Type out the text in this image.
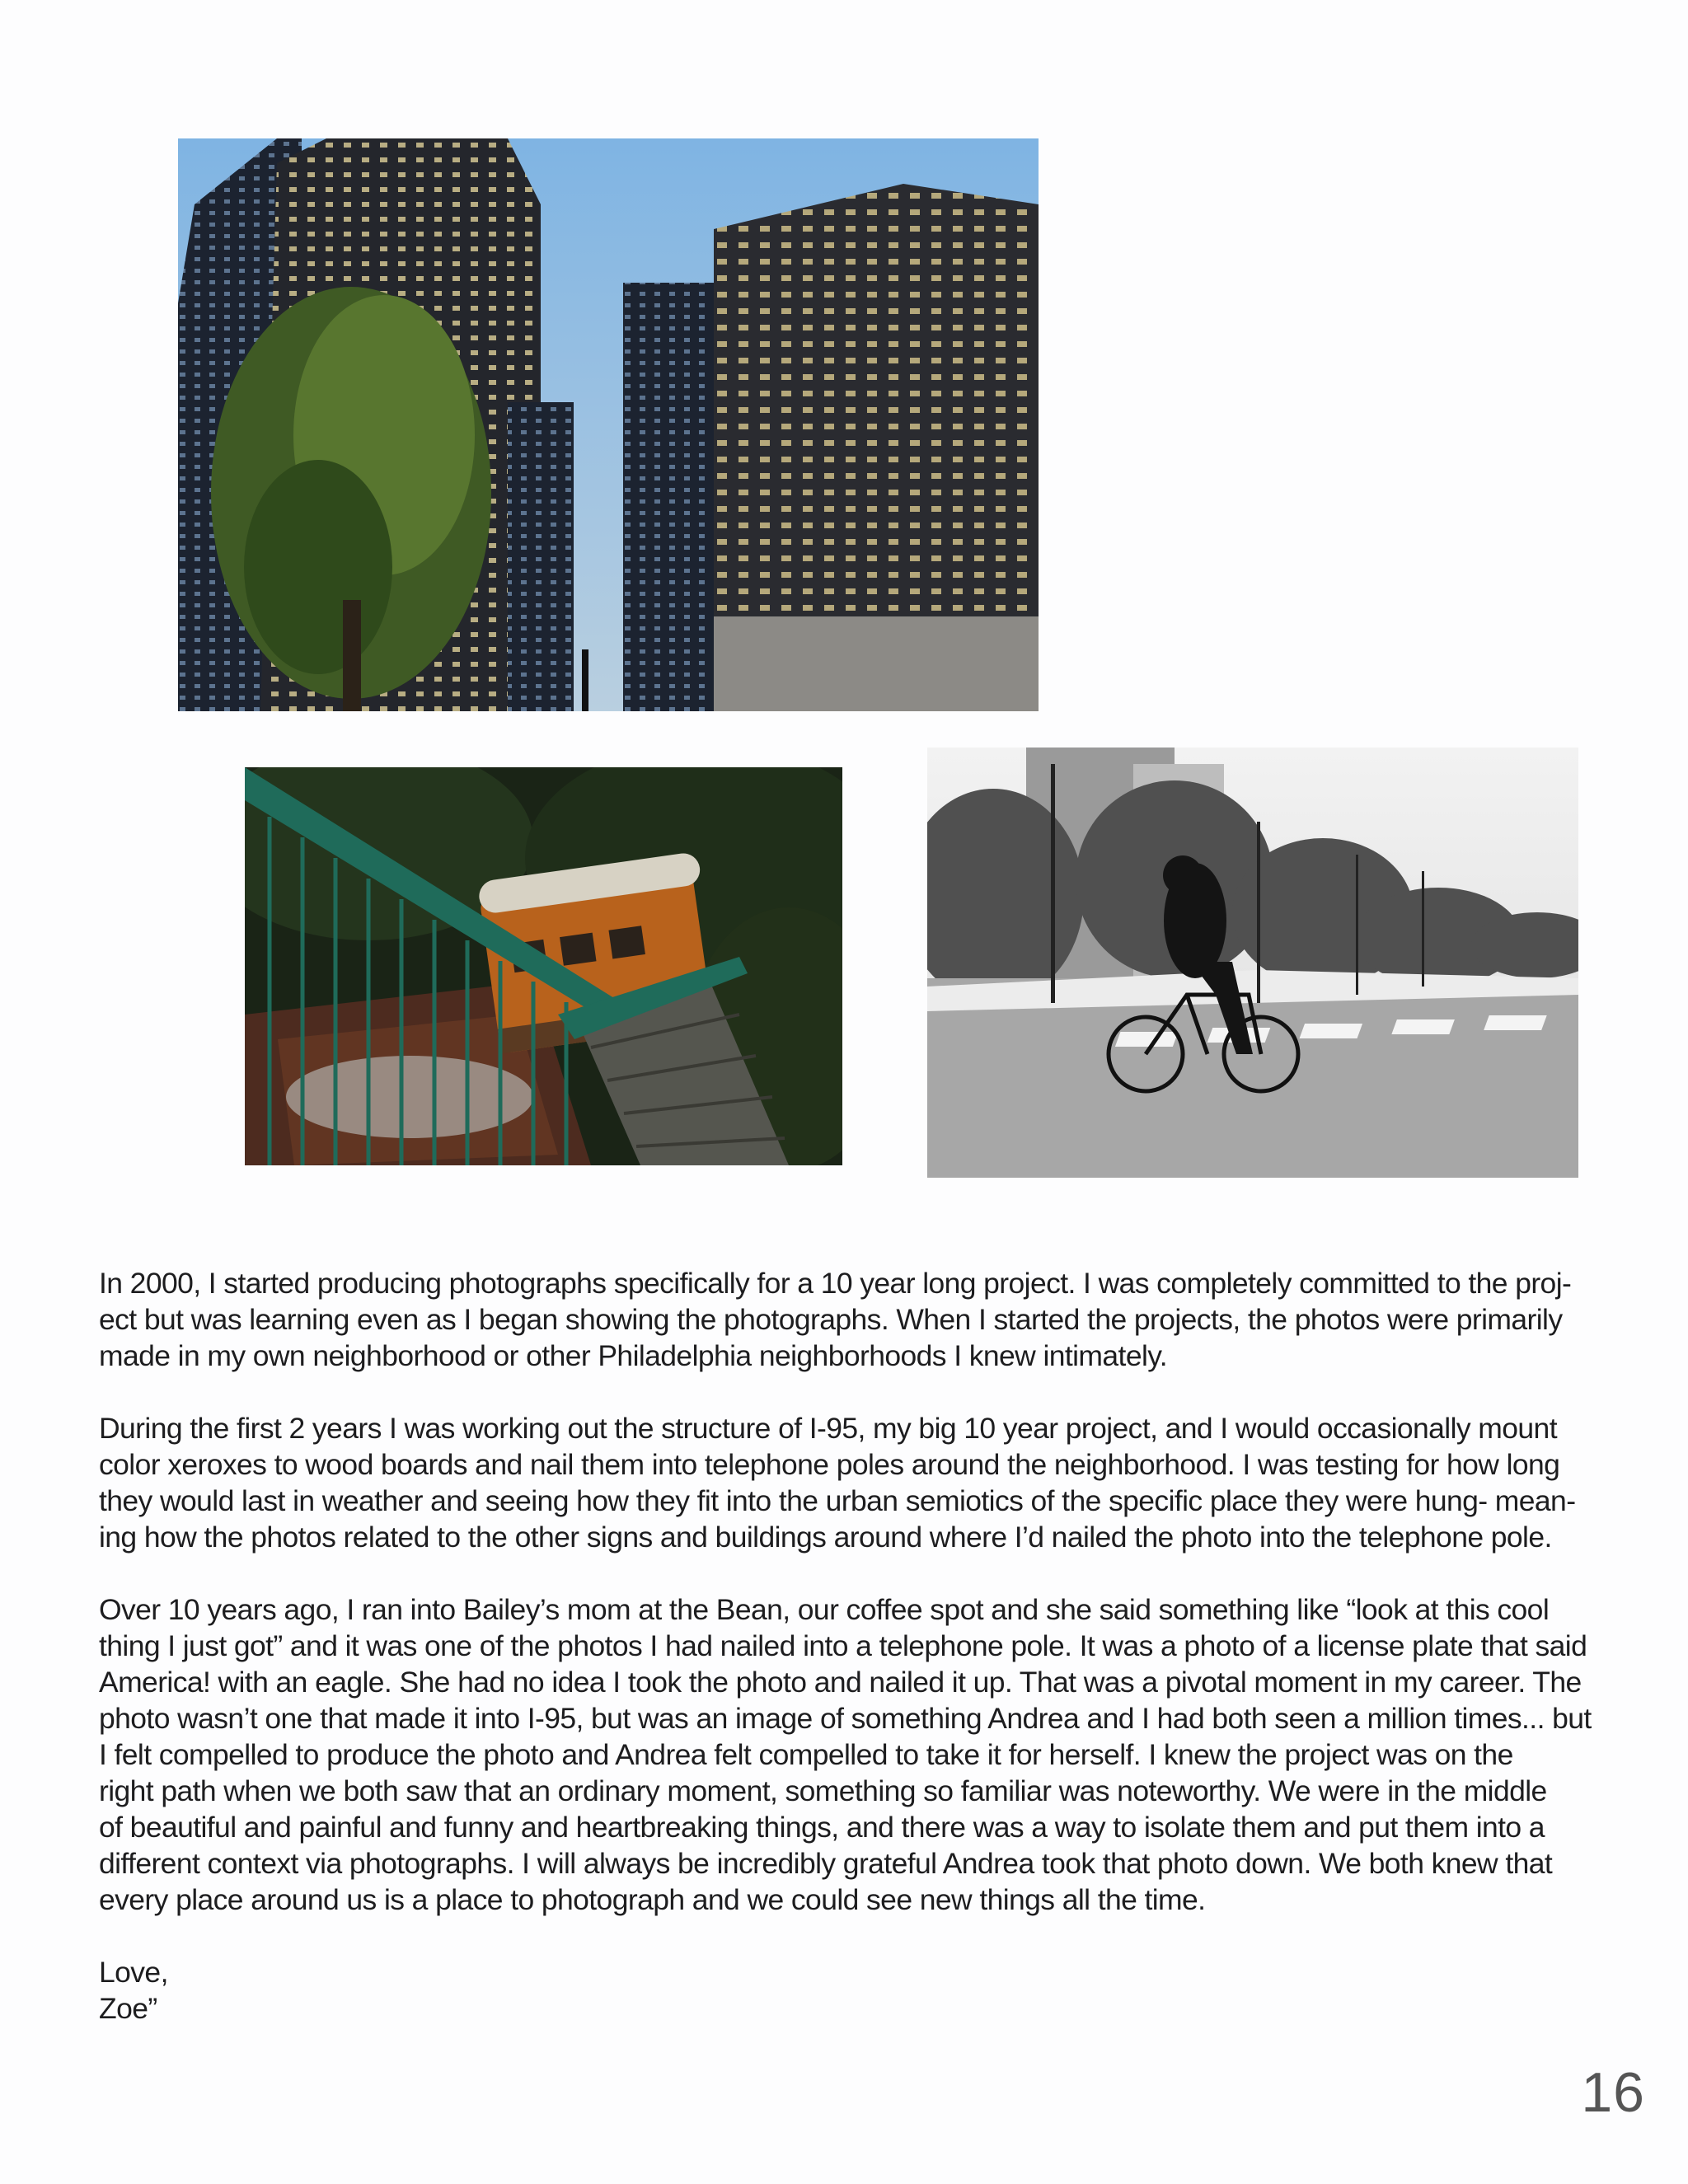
In 2000, I started producing photographs specifically for a 10 year long project. I was completely committed to the proj-
ect but was learning even as I began showing the photographs. When I started the projects, the photos were primarily
made in my own neighborhood or other Philadelphia neighborhoods I knew intimately.

During the first 2 years I was working out the structure of I-95, my big 10 year project, and I would occasionally mount
color xeroxes to wood boards and nail them into telephone poles around the neighborhood. I was testing for how long
they would last in weather and seeing how they fit into the urban semiotics of the specific place they were hung- mean-
ing how the photos related to the other signs and buildings around where I’d nailed the photo into the telephone pole.

Over 10 years ago, I ran into Bailey’s mom at the Bean, our coffee spot and she said something like “look at this cool
thing I just got” and it was one of the photos I had nailed into a telephone pole. It was a photo of a license plate that said
America! with an eagle. She had no idea I took the photo and nailed it up. That was a pivotal moment in my career. The
photo wasn’t one that made it into I-95, but was an image of something Andrea and I had both seen a million times... but
I felt compelled to produce the photo and Andrea felt compelled to take it for herself. I knew the project was on the
right path when we both saw that an ordinary moment, something so familiar was noteworthy. We were in the middle
of beautiful and painful and funny and heartbreaking things, and there was a way to isolate them and put them into a
different context via photographs. I will always be incredibly grateful Andrea took that photo down. We both knew that
every place around us is a place to photograph and we could see new things all the time.

Love,
Zoe”
16
